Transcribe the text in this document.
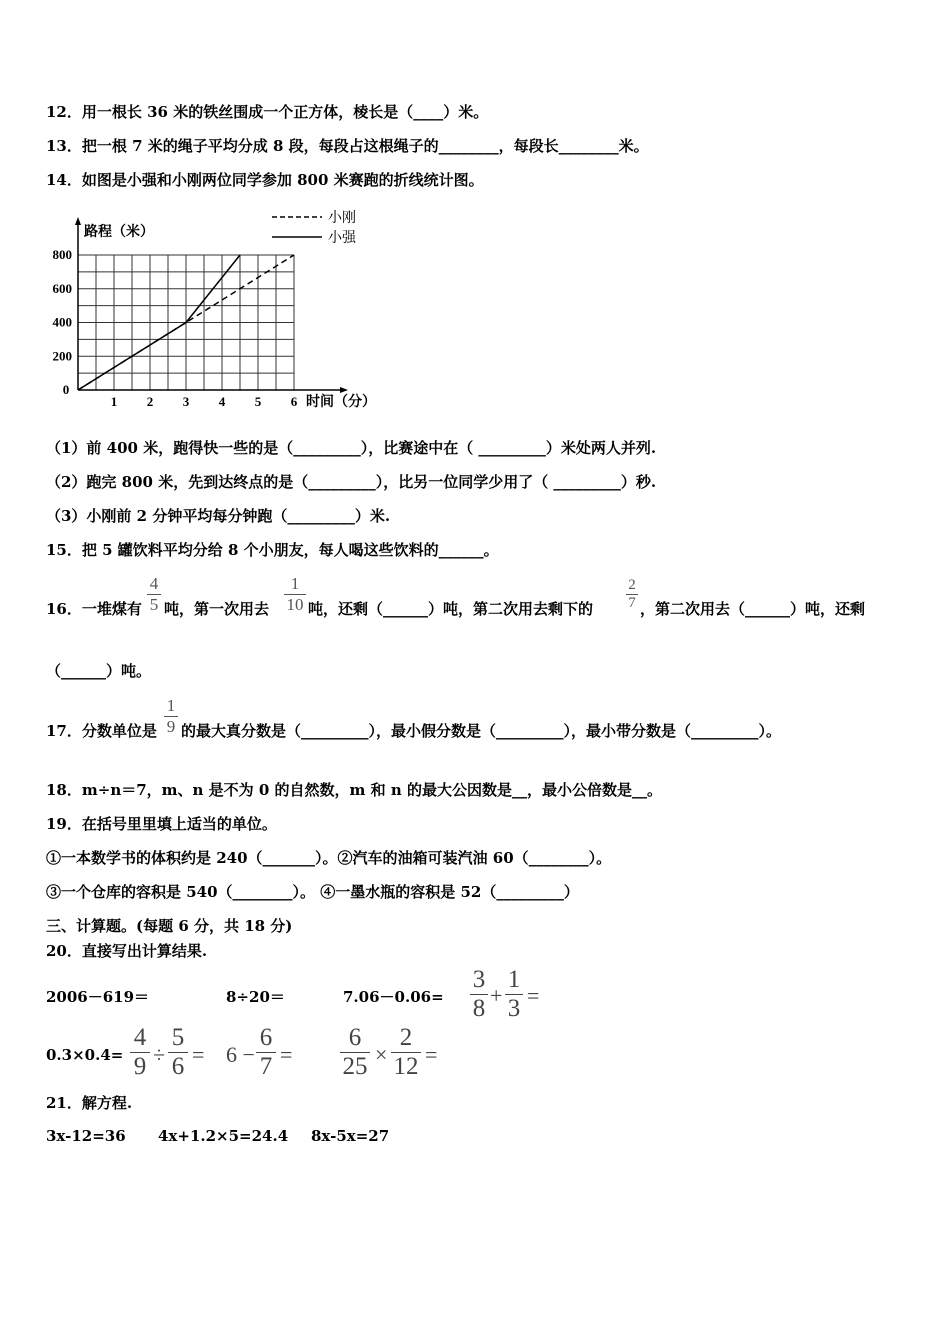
12．用一根长 36 米的铁丝围成一个正方体，棱长是（____）米。
13．把一根 7 米的绳子平均分成 8 段，每段占这根绳子的________，每段长________米。
14．如图是小强和小刚两位同学参加 800 米赛跑的折线统计图。
0
1 2 3 4 5 6
200
400
600
800
路程（米）
时间（分）
小刚
小强
（1）前 400 米，跑得快一些的是（_________），比赛途中在（ _________）米处两人并列.
（2）跑完 800 米，先到达终点的是（_________），比另一位同学少用了（ _________）秒.
（3）小刚前 2 分钟平均每分钟跑（_________）米.
15．把 5 罐饮料平均分给 8 个小朋友，每人喝这些饮料的______。
16．一堆煤有
4
5 吨，第一次用去
1
10 吨，还剩（______）吨，第二次用去剩下的
2
7 ，第二次用去（______）吨，还剩
（______）吨。
17．分数单位是
1
9 的最大真分数是（_________），最小假分数是（_________），最小带分数是（_________）。
18．m÷n＝7，m、n 是不为 0 的自然数，m 和 n 的最大公因数是__，最小公倍数是__。
19．在括号里里填上适当的单位。
①一本数学书的体积约是 240（_______）。②汽车的油箱可装汽油 60（________）。
③一个仓库的容积是 540（________）。 ④一墨水瓶的容积是 52（_________）
三、计算题。(每题 6 分，共 18 分)
20．直接写出计算结果.
2006－619＝	8÷20＝	7.06－0.06=
3
8 +
1
3 =
0.3×0.4=
4
9 ÷
5
6 = 6 −
6
7 =
6
25 ×
2
12 =
21．解方程.
3x-12=36 4x+1.2×5=24.4 8x-5x=27
